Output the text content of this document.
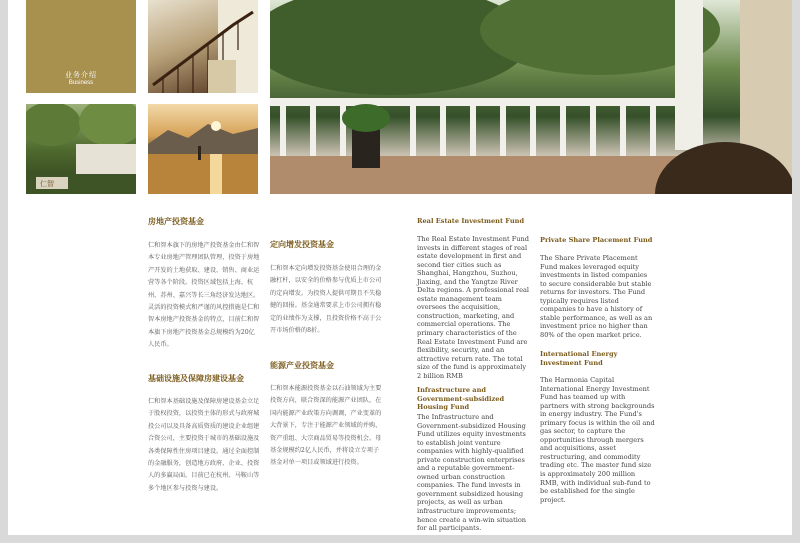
业务介绍
Business
仁智
房地产投资基金
仁和智本旗下的房地产投资基金由仁和智本专业房地产管理团队管理，投资于房地产开发的土地获取、建设、销售、商业运营等各个阶段。投资区域包括上海、杭州、苏州、嘉兴等长三角经济发达地区。灵活的投资模式和严谨的风控措施是仁和智本房地产投资基金的特点，目前仁和智本旗下房地产投资基金总规模约为20亿人民币。
基础设施及保障房建设基金
仁和智本基础设施及保障房建设基金立足于股权投资，以投资主体的形式与政府城投公司以及具备高质资质的建设企业组建合资公司，主要投资于城市的基础设施及各类保障性住房项目建设。通过全面控制的金融服务，创造地方政府、企业、投资人的多赢局面。目前已在杭州、马鞍山等多个地区参与投资与建设。
定向增发投资基金
仁和智本定向增发投资基金使用合理的金融杠杆，以安全的价格参与优质上市公司的定向增发。为投资人提供可期且不失稳健的回报。基金通常要求上市公司拥有稳定的业绩作为支撑，且投资价格不高于公开市场价格的8折。
能源产业投资基金
仁和智本能源投资基金以石油领域为主要投资方向，联合资深的能源产业团队，在国内能源产业政策方向调调，产业变革的大背景下，专注于能源产业领域的并购、资产重组、大宗商品贸易等投资机会。母基金规模约2亿人民币，并将设立专项子基金对单一项目或领域进行投资。
Real Estate Investment Fund
The Real Estate Investment Fund invests in different stages of real estate development in first and second tier cities such as Shanghai, Hangzhou, Suzhou, Jiaxing, and the Yangtze River Delta regions. A professional real estate management team oversees the acquisition, construction, marketing, and commercial operations. The primary characteristics of the Real Estate Investment Fund are flexibility, security, and an attractive return rate. The total size of the fund is approximately 2 billion RMB
Infrastructure and Government-subsidized Housing Fund
The Infrastructure and Government-subsidized Housing Fund utilizes equity investments to establish joint venture companies with highly-qualified private construction enterprises and a reputable government-owned urban construction companies. The fund invests in government subsidized housing projects, as well as urban infrastructure improvements; hence create a win-win situation for all participants.
Private Share Placement Fund
The Share Private Placement Fund makes leveraged equity investments in listed companies to secure considerable but stable returns for investors. The Fund typically requires listed companies to have a history of stable performance, as well as an investment price no higher than 80% of the open market price.
International Energy Investment Fund
The Harmonia Capital International Energy Investment Fund has teamed up with partners with strong backgrounds in energy industry. The Fund's primary focus is within the oil and gas sector, to capture the opportunities through mergers and acquisitions, asset restructuring, and commodity trading etc. The master fund size is approximately 200 million RMB, with individual sub-fund to be established for the single project.
